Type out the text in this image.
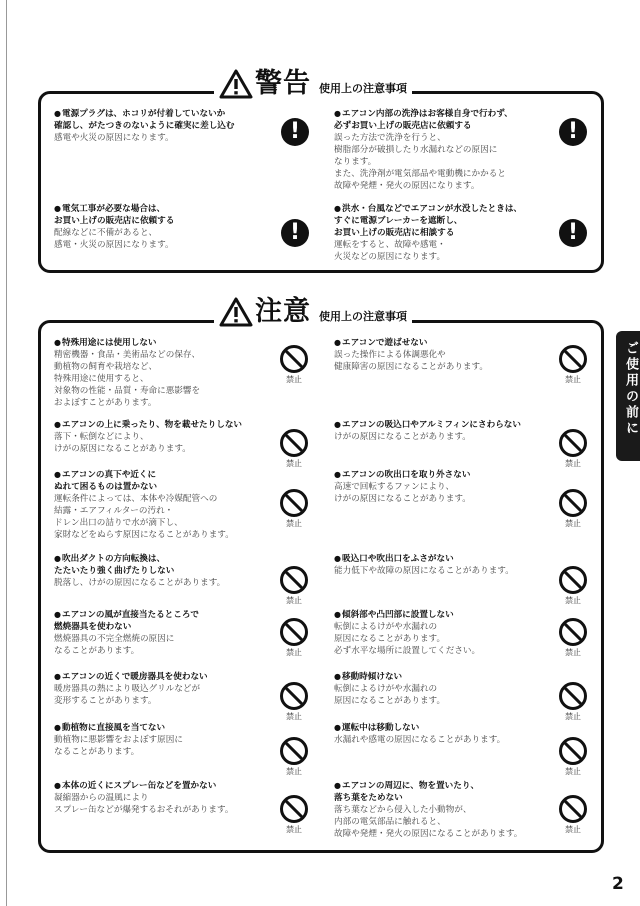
警告 使用上の注意事項
● 電源プラグは、ホコリが付着していないか
確認し、がたつきのないように確実に差し込む
感電や火災の原因になります。	!
● エアコン内部の洗浄はお客様自身で行わず、
必ずお買い上げの販売店に依頼する
誤った方法で洗浄を行うと、
樹脂部分が破損したり水漏れなどの原因に
なります。
また、洗浄剤が電気部品や電動機にかかると
故障や発煙・発火の原因になります。
!
● 電気工事が必要な場合は、
お買い上げの販売店に依頼する
配線などに不備があると、
感電・火災の原因になります。	!
● 洪水・台風などでエアコンが水没したときは、
すぐに電源ブレーカーを遮断し、
お買い上げの販売店に相談する
運転をすると、故障や感電・
火災などの原因になります。
!
注意 使用上の注意事項
● 特殊用途には使用しない
精密機器・食品・美術品などの保存、
動植物の飼育や栽培など、
特殊用途に使用すると、
対象物の性能・品質・寿命に悪影響を
およぼすことがあります。
● エアコンの上に乗ったり、物を載せたりしない
落下・転倒などにより、
けがの原因になることがあります。
● エアコンの真下や近くに
ぬれて困るものは置かない
運転条件によっては、本体や冷媒配管への
結露・エアフィルターの汚れ・
ドレン出口の詰りで水が滴下し、
家財などをぬらす原因になることがあります。
● 吹出ダクトの方向転換は、
たたいたり強く曲げたりしない
脱落し、けがの原因になることがあります。
● エアコンの風が直接当たるところで
燃焼器具を使わない
燃焼器具の不完全燃焼の原因に
なることがあります。
● エアコンの近くで暖房器具を使わない
暖房器具の熱により吸込グリルなどが
変形することがあります。
● 動植物に直接風を当てない
動植物に悪影響をおよぼす原因に
なることがあります。
● 本体の近くにスプレー缶などを置かない
凝縮器からの温風により
スプレー缶などが爆発するおそれがあります。
● エアコンで遊ばせない
誤った操作による体調悪化や
健康障害の原因になることがあります。
● エアコンの吸込口やアルミフィンにさわらない
けがの原因になることがあります。
● エアコンの吹出口を取り外さない
高速で回転するファンにより、
けがの原因になることがあります。
● 吸込口や吹出口をふさがない
能力低下や故障の原因になることがあります。
● 傾斜部や凸凹部に設置しない
転倒によるけがや水漏れの
原因になることがあります。
必ず水平な場所に設置してください。
● 移動時傾けない
転倒によるけがや水漏れの
原因になることがあります。
● 運転中は移動しない
水漏れや感電の原因になることがあります。
● エアコンの周辺に、物を置いたり、
落ち葉をためない
落ち葉などから侵入した小動物が、
内部の電気部品に触れると、
故障や発煙・発火の原因になることがあります。
禁止
禁止
禁止
禁止
禁止
禁止
禁止
禁止
禁止
禁止
禁止
禁止
禁止
禁止
禁止
禁止
ご使用の前に
2
